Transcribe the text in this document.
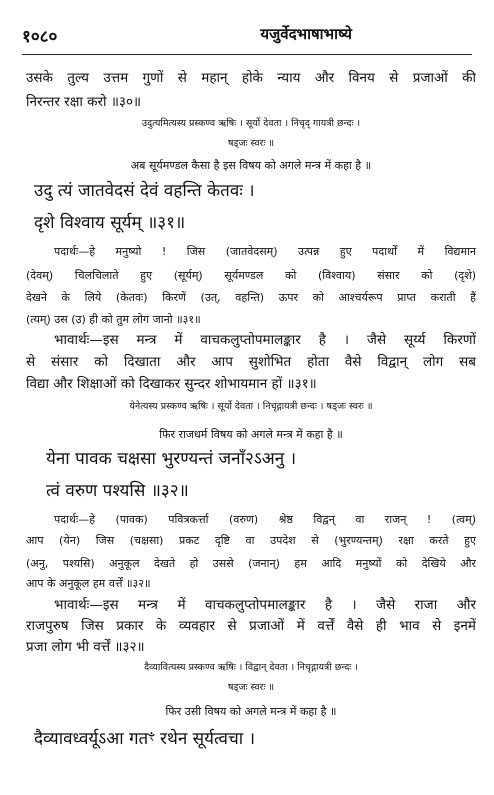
१०८०	यजुर्वेदभाषाभाष्ये
उसके तुल्य उत्तम गुणों से महान् होके न्याय और विनय से प्रजाओं की
निरन्तर रक्षा करो ॥३०॥
उदुत्यमित्यस्य प्रस्कण्व ऋषिः । सूर्यो देवता । निचृद् गायत्री छन्दः ।
षड्जः स्वरः ॥
अब सूर्यमण्डल कैसा है इस विषय को अगले मन्त्र में कहा है ॥
उदु त्यं जातवेदसं देवं वहन्ति केतवः ।
दृशे विश्वाय सूर्यम् ॥३१॥
पदार्थः—हे मनुष्यो ! जिस (जातवेदसम्) उत्पन्न हुए पदार्थों में विद्यमान
(देवम्) चिलचिलाते हुए (सूर्यम्) सूर्यमण्डल को (विश्वाय) संसार को (दृशे)
देखने के लिये (केतवः) किरणें (उत्, वहन्ति) ऊपर को आश्चर्यरूप प्राप्त कराती हैं
(त्यम्) उस (उ) ही को तुम लोग जानो ॥३१॥
भावार्थः—इस मन्त्र में वाचकलुप्तोपमालङ्कार है । जैसे सूर्य्य किरणों
से संसार को दिखाता और आप सुशोभित होता वैसे विद्वान् लोग सब
विद्या और शिक्षाओं को दिखाकर सुन्दर शोभायमान हों ॥३१॥
येनेत्यस्य प्रस्कण्व ऋषिः । सूर्यो देवता । निचृद्गायत्री छन्दः । षड्जः स्वरः ॥
फिर राजधर्म विषय को अगले मन्त्र में कहा है ॥
येना पावक चक्षसा भुरण्यन्तं जनाँ२ऽअनु ।
त्वं वरुण पश्यसि ॥३२॥
पदार्थः—हे (पावक) पवित्रकर्त्ता (वरुण) श्रेष्ठ विद्वन् वा राजन् ! (त्वम्)
आप (येन) जिस (चक्षसा) प्रकट दृष्टि वा उपदेश से (भुरण्यन्तम्) रक्षा करते हुए
(अनु, पश्यसि) अनुकूल देखते हो उससे (जनान्) हम आदि मनुष्यों को देखिये और
आप के अनुकूल हम वर्त्तें ॥३२॥
भावार्थः—इस मन्त्र में वाचकलुप्तोपमालङ्कार है । जैसे राजा और
राजपुरुष जिस प्रकार के व्यवहार से प्रजाओं में वर्त्तें वैसे ही भाव से इनमें
प्रजा लोग भी वर्त्तें ॥३२॥
दैव्यावित्यस्य प्रस्कण्व ऋषिः । विद्वान् देवता । निचृद्गायत्री छन्दः ।
षड्जः स्वरः ॥
फिर उसी विषय को अगले मन्त्र में कहा है ॥
दैव्यावध्वर्यूऽआ गतꣳ रथेन सूर्यत्वचा ।
